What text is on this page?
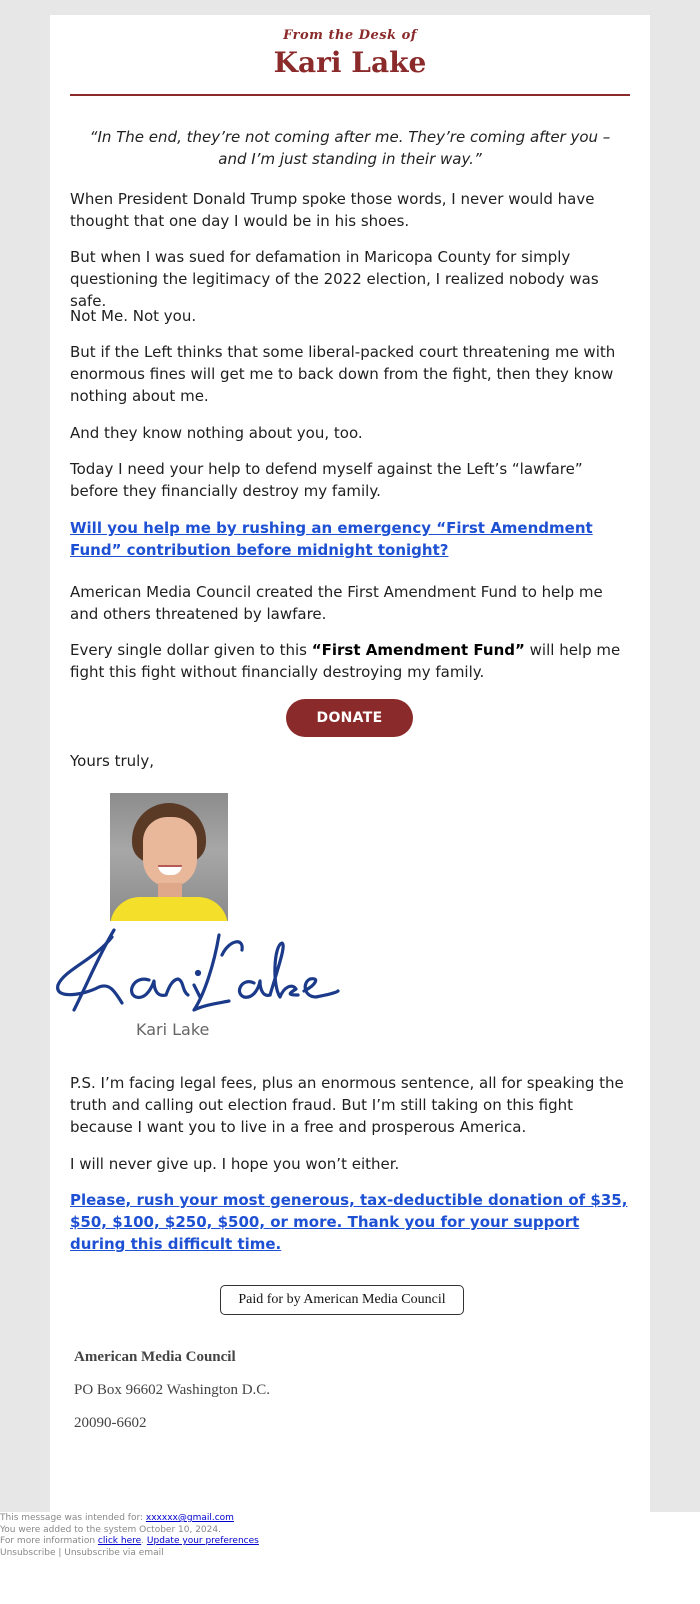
From the Desk of
Kari Lake
“In The end, they’re not coming after me. They’re coming after you –
and I’m just standing in their way.”
When President Donald Trump spoke those words, I never would have thought that one day I would be in his shoes.
But when I was sued for defamation in Maricopa County for simply questioning the legitimacy of the 2022 election, I realized nobody was safe.
Not Me. Not you.
But if the Left thinks that some liberal-packed court threatening me with enormous fines will get me to back down from the fight, then they know nothing about me.
And they know nothing about you, too.
Today I need your help to defend myself against the Left’s “lawfare” before they financially destroy my family.
Will you help me by rushing an emergency “First Amendment Fund” contribution before midnight tonight?
American Media Council created the First Amendment Fund to help me and others threatened by lawfare.
Every single dollar given to this “First Amendment Fund” will help me fight this fight without financially destroying my family.
DONATE
Yours truly,
Kari Lake
P.S. I’m facing legal fees, plus an enormous sentence, all for speaking the truth and calling out election fraud. But I’m still taking on this fight because I want you to live in a free and prosperous America.
I will never give up. I hope you won’t either.
Please, rush your most generous, tax-deductible donation of $35, $50, $100, $250, $500, or more. Thank you for your support during this difficult time.
Paid for by American Media Council
American Media Council
PO Box 96602 Washington D.C.
20090-6602
This message was intended for: xxxxxx@gmail.com
You were added to the system October 10, 2024.
For more information click here. Update your preferences
Unsubscribe | Unsubscribe via email
